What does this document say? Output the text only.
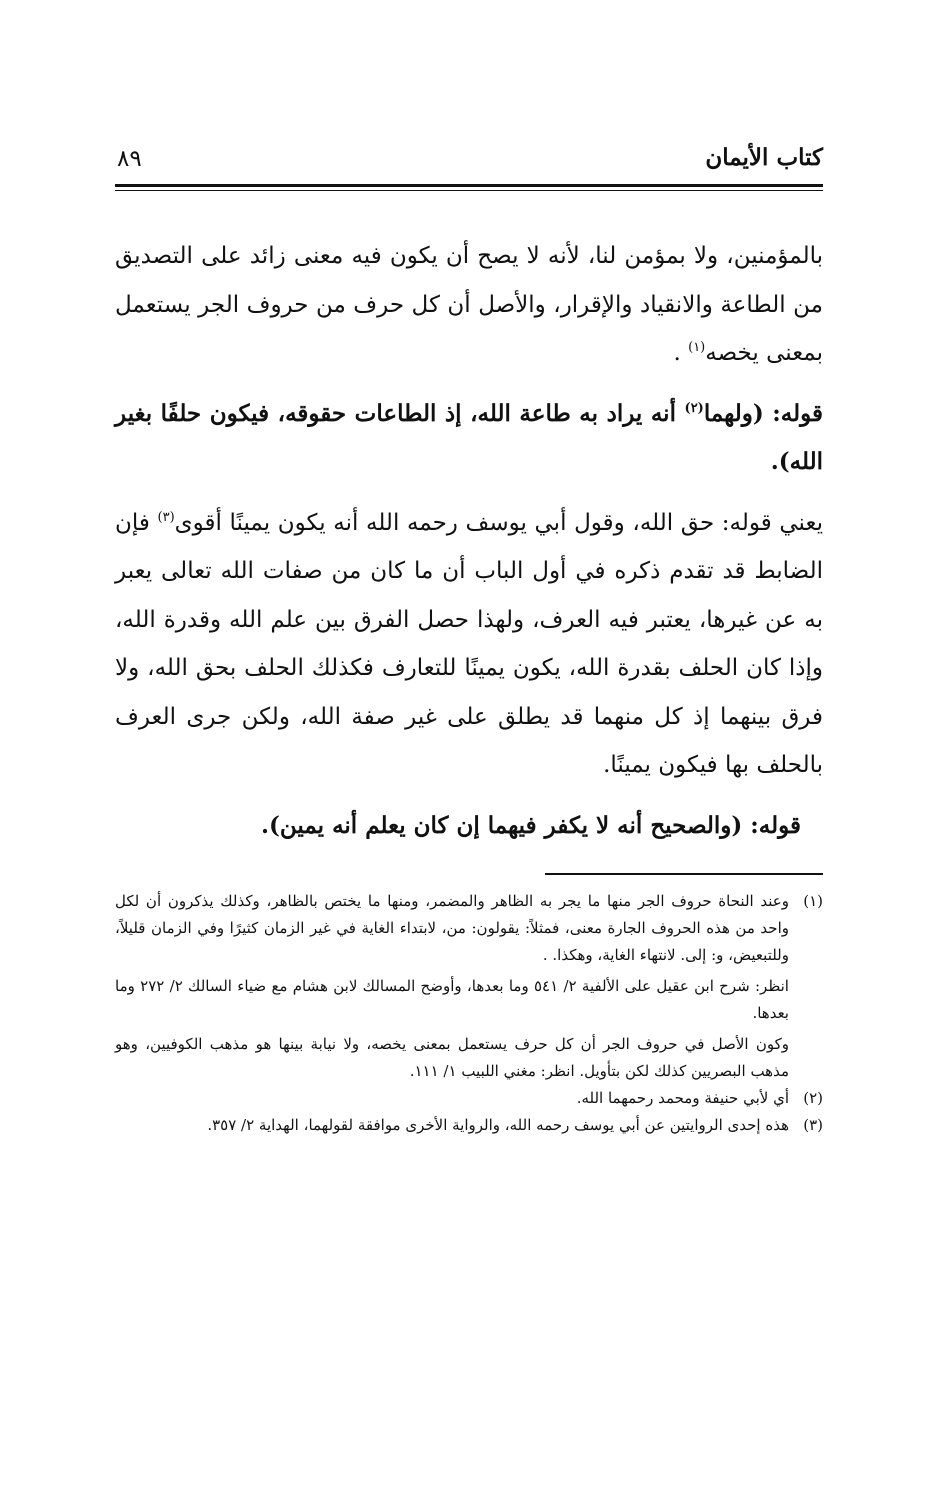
كتاب الأيمان
٨٩

بالمؤمنين، ولا بمؤمن لنا، لأنه لا يصح أن يكون فيه معنى زائد على التصديق من الطاعة والانقياد والإقرار، والأصل أن كل حرف من حروف الجر يستعمل بمعنى يخصه$^{(١)}$ .

قوله: (ولهما$^{(٢)}$ أنه يراد به طاعة الله، إذ الطاعات حقوقه، فيكون حلفًا بغير الله).

يعني قوله: حق الله، وقول أبي يوسف رحمه الله أنه يكون يمينًا أقوى$^{(٣)}$ فإن الضابط قد تقدم ذكره في أول الباب أن ما كان من صفات الله تعالى يعبر به عن غيرها، يعتبر فيه العرف، ولهذا حصل الفرق بين علم الله وقدرة الله، وإذا كان الحلف بقدرة الله، يكون يمينًا للتعارف فكذلك الحلف بحق الله، ولا فرق بينهما إذ كل منهما قد يطلق على غير صفة الله، ولكن جرى العرف بالحلف بها فيكون يمينًا.

قوله: (والصحيح أنه لا يكفر فيهما إن كان يعلم أنه يمين).

(١)

وعند النحاة حروف الجر منها ما يجر به الظاهر والمضمر، ومنها ما يختص بالظاهر، وكذلك يذكرون أن لكل واحد من هذه الحروف الجارة معنى، فمثلاً: يقولون: من، لابتداء الغاية في غير الزمان كثيرًا وفي الزمان قليلاً، وللتبعيض، و: إلى. لانتهاء الغاية، وهكذا. .

انظر: شرح ابن عقيل على الألفية ٢/ ٥٤١ وما بعدها، وأوضح المسالك لابن هشام مع ضياء السالك ٢/ ٢٧٢ وما بعدها.

وكون الأصل في حروف الجر أن كل حرف يستعمل بمعنى يخصه، ولا نيابة بينها هو مذهب الكوفيين، وهو مذهب البصريين كذلك لكن بتأويل. انظر: مغني اللبيب ١/ ١١١.

(٢)

أي لأبي حنيفة ومحمد رحمهما الله.

(٣)

هذه إحدى الروايتين عن أبي يوسف رحمه الله، والرواية الأخرى موافقة لقولهما، الهداية ٢/ ٣٥٧.
